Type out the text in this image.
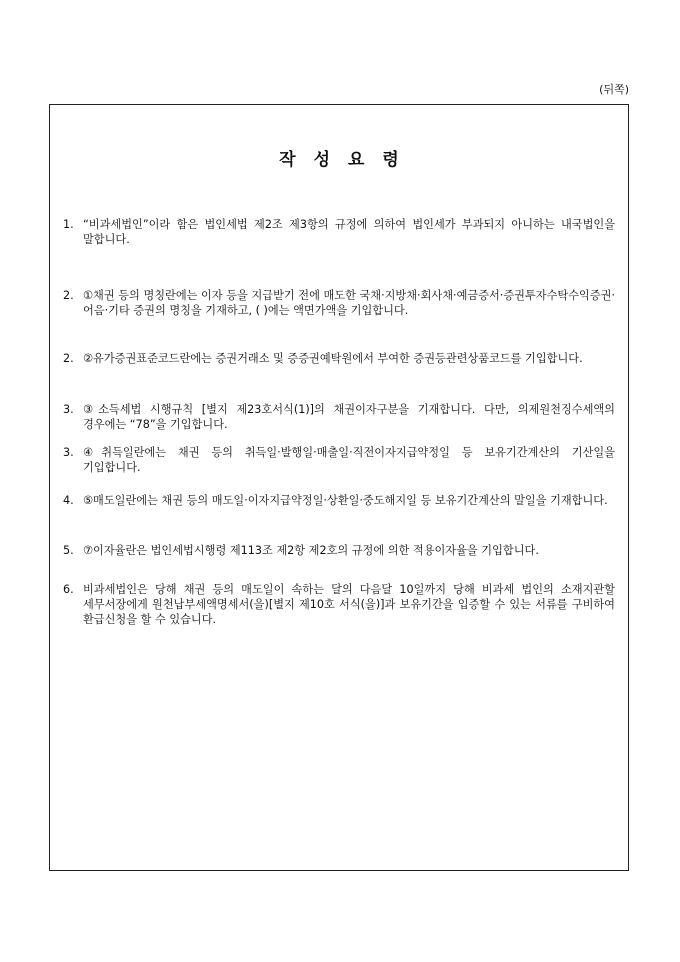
(뒤쪽)
작성요령
1. “비과세법인”이라 함은 법인세법 제2조 제3항의 규정에 의하여 법인세가 부과되지 아니하는 내국법인을 말합니다.
2. ①채권 등의 명칭란에는 이자 등을 지급받기 전에 매도한 국채·지방채·회사채·예금증서·증권투자수탁수익증권·어음·기타 증권의 명칭을 기재하고, ( )에는 액면가액을 기입합니다.
2. ②유가증권표준코드란에는 증권거래소 및 증증권예탁원에서 부여한 증권등관련상품코드를 기입합니다.
3. ③소득세법 시행규칙 [별지 제23호서식(1)]의 채권이자구분을 기재합니다. 다만, 의제원천징수세액의 경우에는 “78”을 기입합니다.
3. ④취득일란에는 채권 등의 취득일·발행일·매출일·직전이자지급약정일 등 보유기간계산의 기산일을 기입합니다.
4. ⑤매도일란에는 채권 등의 매도일·이자지급약정일·상환일·중도해지일 등 보유기간계산의 말일을 기재합니다.
5. ⑦이자율란은 법인세법시행령 제113조 제2항 제2호의 규정에 의한 적용이자율을 기입합니다.
6. 비과세법인은 당해 채권 등의 매도일이 속하는 달의 다음달 10일까지 당해 비과세 법인의 소재지관할 세무서장에게 원천납부세액명세서(을)[별지 제10호 서식(을)]과 보유기간을 입증할 수 있는 서류를 구비하여 환급신청을 할 수 있습니다.
